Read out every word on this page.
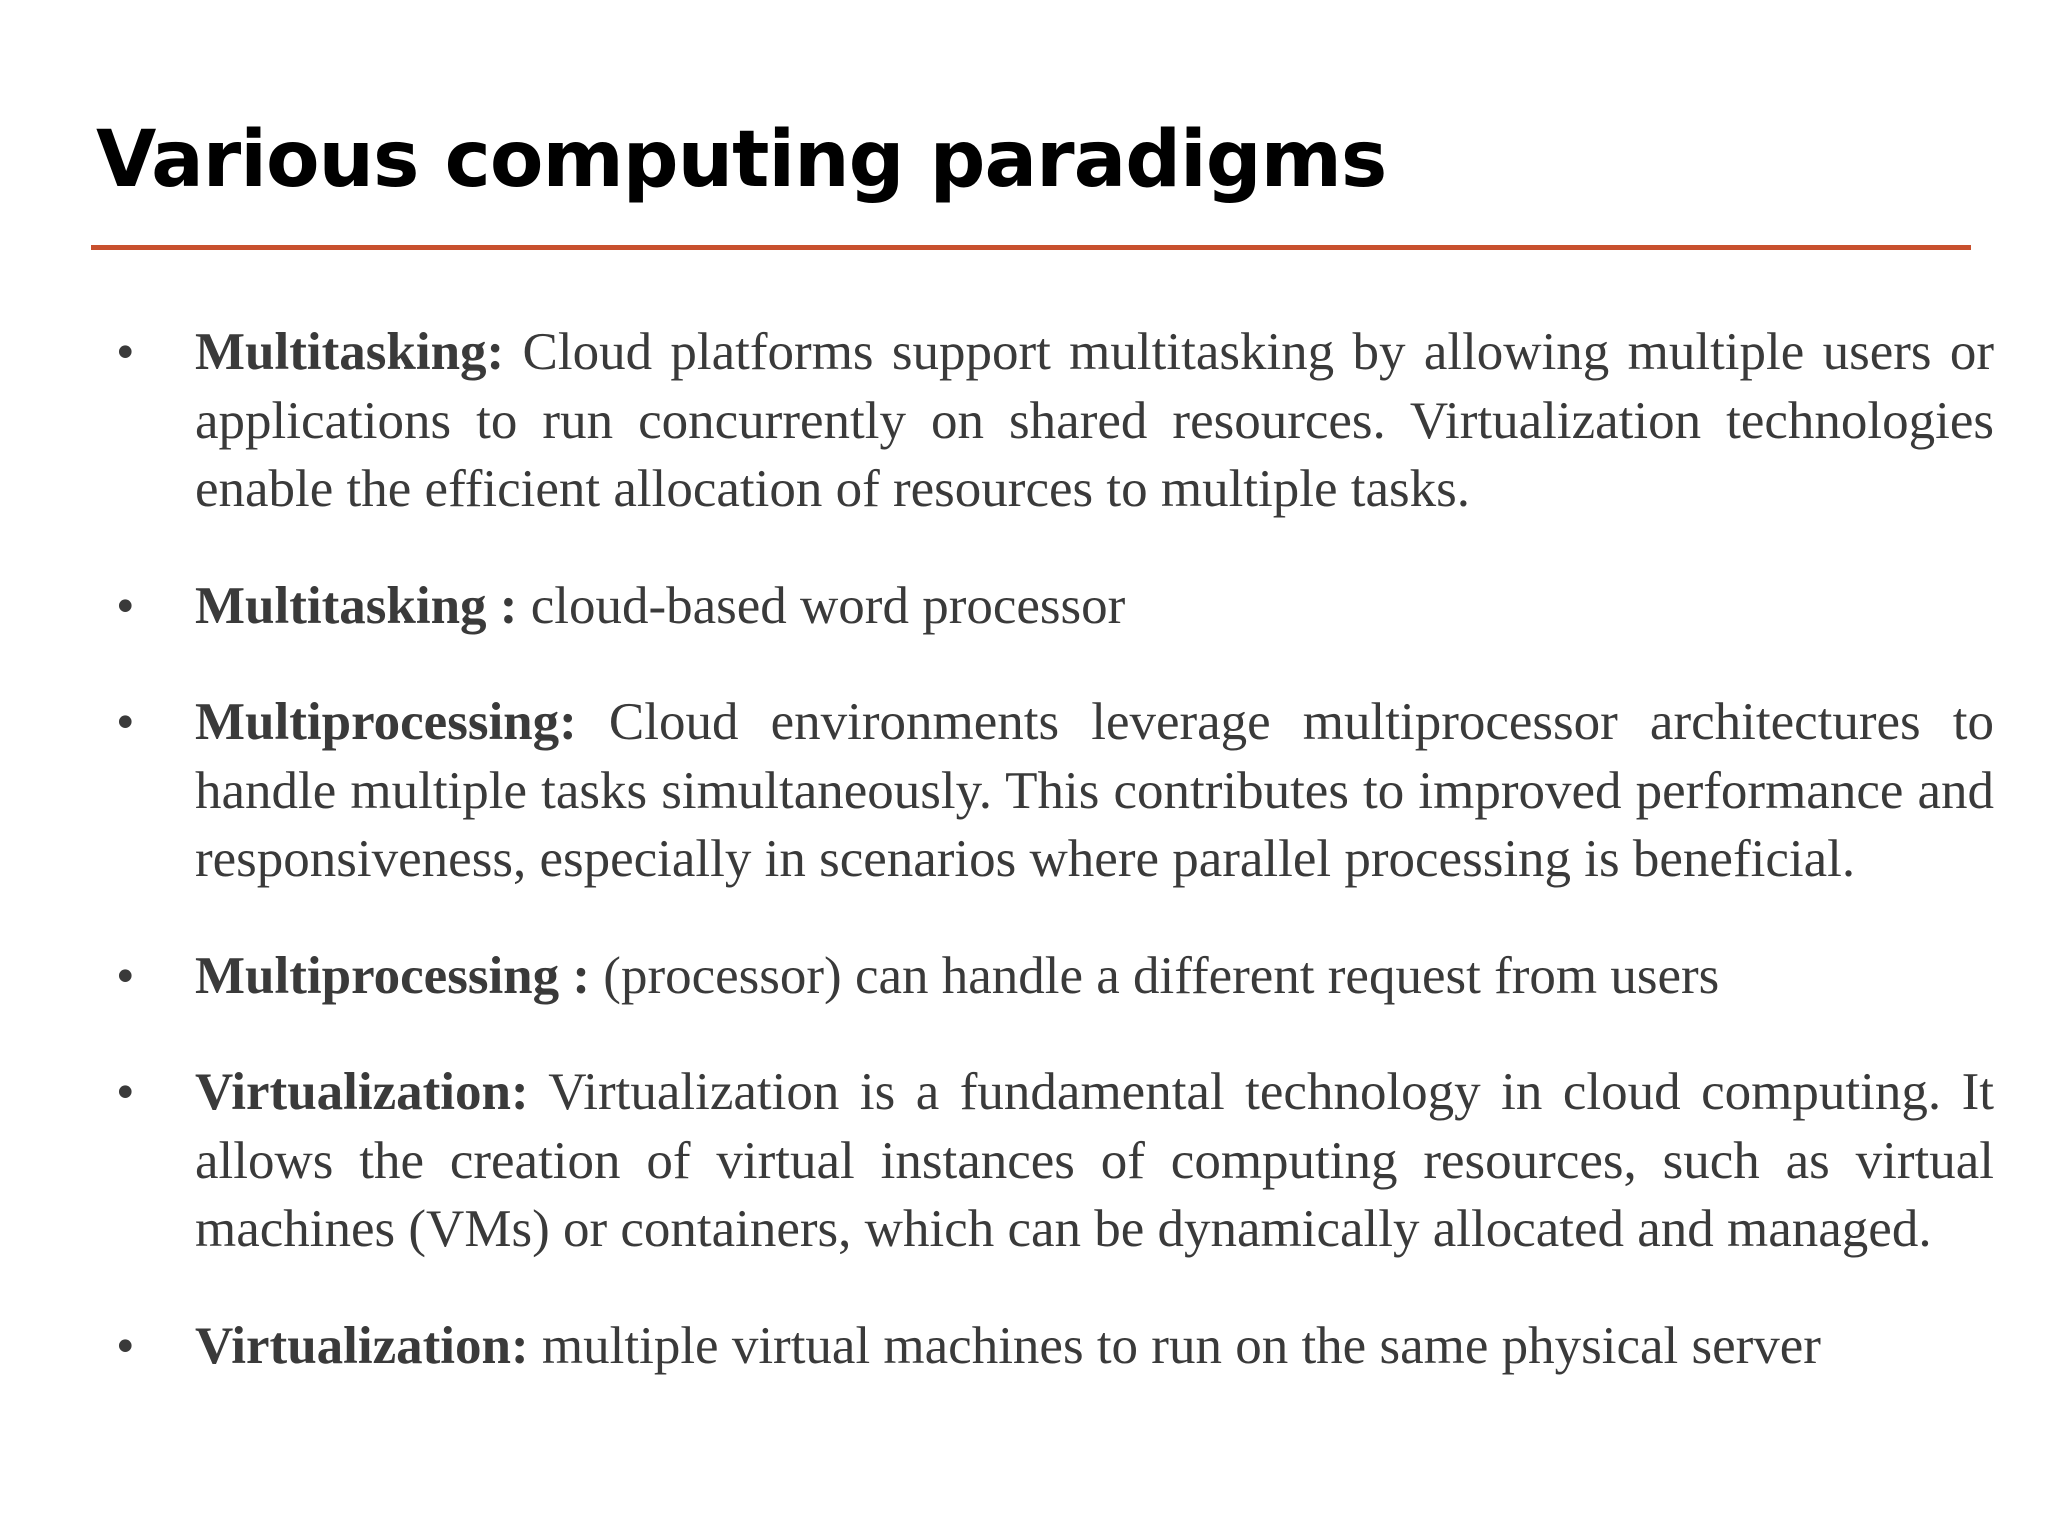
Various computing paradigms
• Multitasking: Cloud platforms support multitasking by allowing multiple users or applications to run concurrently on shared resources. Virtualization technologies enable the efficient allocation of resources to multiple tasks.
• Multitasking : cloud-based word processor
• Multiprocessing: Cloud environments leverage multiprocessor architectures to handle multiple tasks simultaneously. This contributes to improved performance and responsiveness, especially in scenarios where parallel processing is beneficial.
• Multiprocessing : (processor) can handle a different request from users
• Virtualization: Virtualization is a fundamental technology in cloud computing. It allows the creation of virtual instances of computing resources, such as virtual machines (VMs) or containers, which can be dynamically allocated and managed.
• Virtualization: multiple virtual machines to run on the same physical server
